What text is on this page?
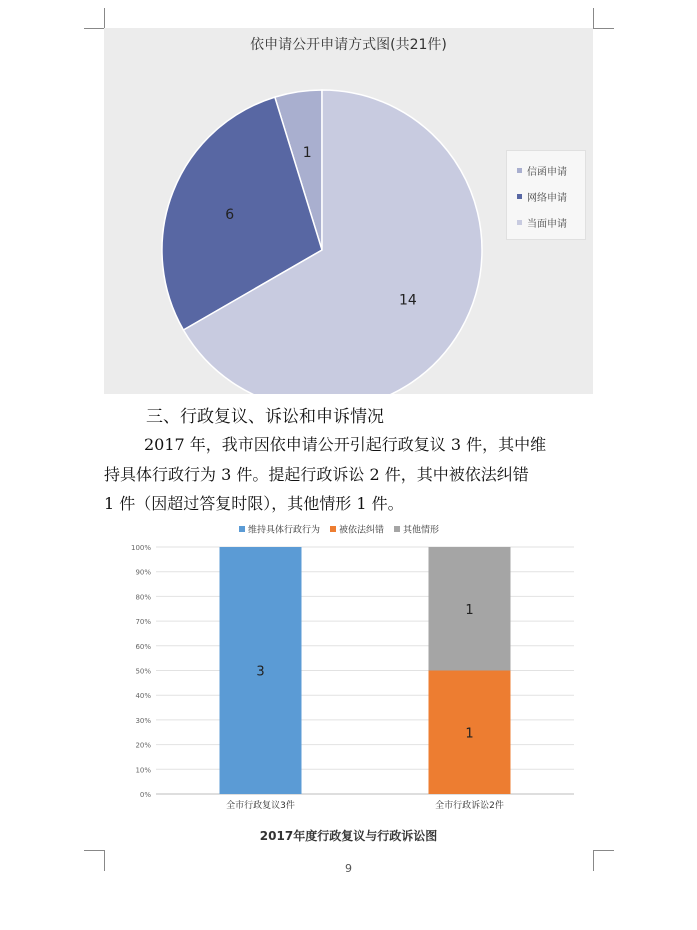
1
6
14
依申请公开申请方式图(共21件)
信函申请
网络申请
当面申请
三、行政复议、诉讼和申诉情况
2017 年，我市因依申请公开引起行政复议 3 件，其中维
持具体行政行为 3 件。提起行政诉讼 2 件，其中被依法纠错
1 件（因超过答复时限），其他情形 1 件。
0%
10%
20%
30%
40%
50%
60%
70%
80%
90%
100%
3
全市行政复议3件
1
1
全市行政诉讼2件
维持具体行政行为 被依法纠错 其他情形
2017年度行政复议与行政诉讼图
9
